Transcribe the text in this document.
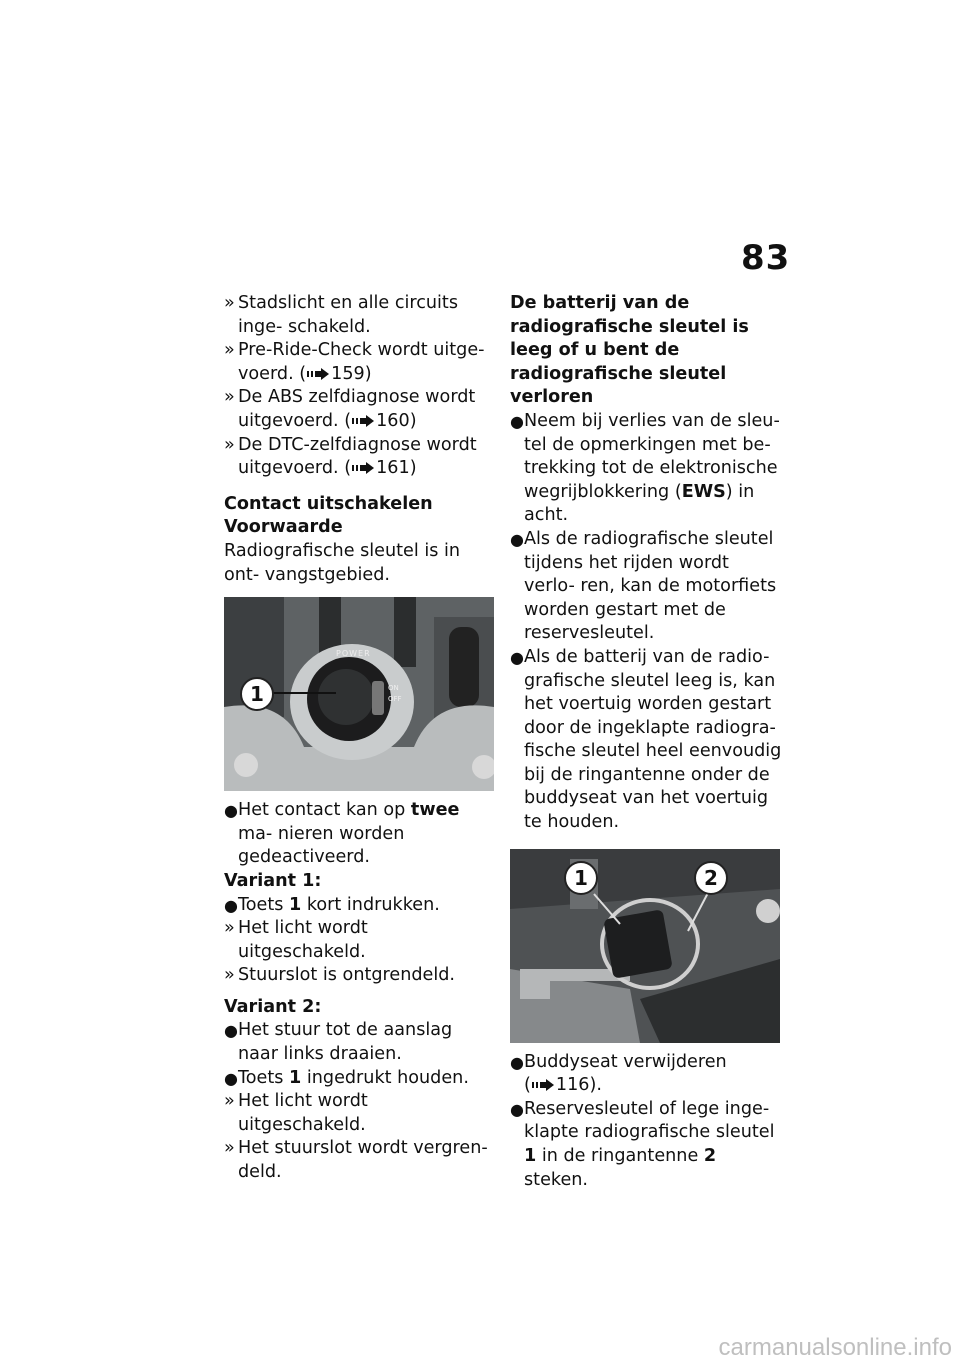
83
» Stadslicht en alle circuits inge- schakeld.
» Pre-Ride-Check wordt uitge- voerd. ( 159)
» De ABS zelfdiagnose wordt uitgevoerd. ( 160)
» De DTC-zelfdiagnose wordt uitgevoerd. ( 161)
Contact uitschakelen
Voorwaarde
Radiografische sleutel is in ont- vangstgebied.
POWER
ON
OFF
1
● Het contact kan op twee ma- nieren worden gedeactiveerd.
Variant 1:
● Toets 1 kort indrukken.
» Het licht wordt uitgeschakeld.
» Stuurslot is ontgrendeld.
Variant 2:
● Het stuur tot de aanslag naar links draaien.
● Toets 1 ingedrukt houden.
» Het licht wordt uitgeschakeld.
» Het stuurslot wordt vergren- deld.
De batterij van de radiografische sleutel is leeg of u bent de radiografische sleutel verloren
● Neem bij verlies van de sleu- tel de opmerkingen met be- trekking tot de elektronische wegrijblokkering (EWS) in acht.
● Als de radiografische sleutel tijdens het rijden wordt verlo- ren, kan de motorfiets worden gestart met de reservesleutel.
● Als de batterij van de radio- grafische sleutel leeg is, kan het voertuig worden gestart door de ingeklapte radiogra- fische sleutel heel eenvoudig bij de ringantenne onder de buddyseat van het voertuig te houden.
1	2
● Buddyseat verwijderen
( 116).
● Reservesleutel of lege inge- klapte radiografische sleutel 1 in de ringantenne 2 steken.
carmanualsonline.info
